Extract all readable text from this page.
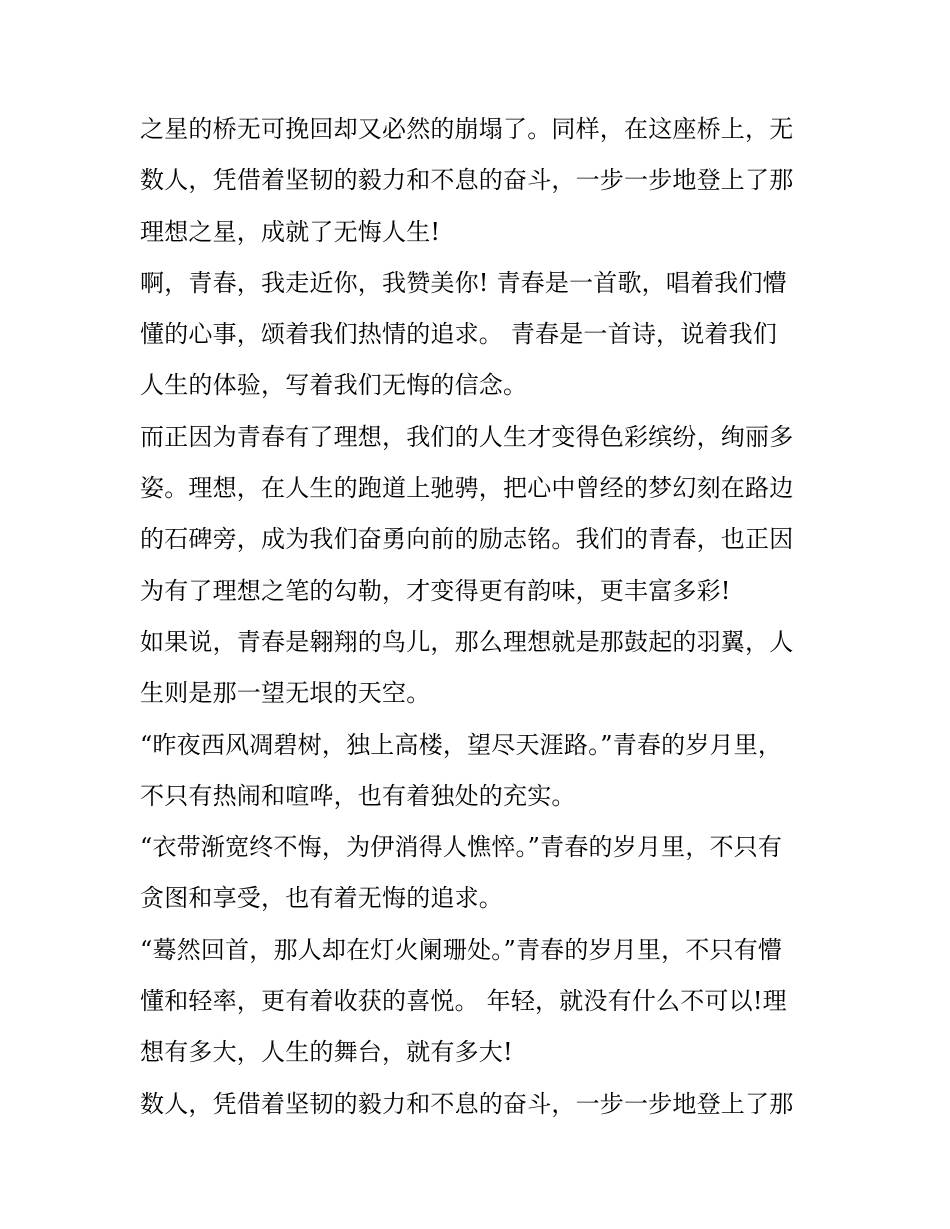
之星的桥无可挽回却又必然的崩塌了。同样，在这座桥上，无
数人，凭借着坚韧的毅力和不息的奋斗，一步一步地登上了那
理想之星，成就了无悔人生!
啊，青春，我走近你，我赞美你! 青春是一首歌，唱着我们懵
懂的心事，颂着我们热情的追求。 青春是一首诗，说着我们
人生的体验，写着我们无悔的信念。
而正因为青春有了理想，我们的人生才变得色彩缤纷，绚丽多
姿。理想，在人生的跑道上驰骋，把心中曾经的梦幻刻在路边
的石碑旁，成为我们奋勇向前的励志铭。我们的青春，也正因
为有了理想之笔的勾勒，才变得更有韵味，更丰富多彩!
如果说，青春是翱翔的鸟儿，那么理想就是那鼓起的羽翼，人
生则是那一望无垠的天空。
“昨夜西风凋碧树，独上高楼，望尽天涯路。”青春的岁月里，
不只有热闹和喧哗，也有着独处的充实。
“衣带渐宽终不悔，为伊消得人憔悴。”青春的岁月里，不只有
贪图和享受，也有着无悔的追求。
“蓦然回首，那人却在灯火阑珊处。”青春的岁月里，不只有懵
懂和轻率，更有着收获的喜悦。 年轻，就没有什么不可以!理
想有多大，人生的舞台，就有多大!
数人，凭借着坚韧的毅力和不息的奋斗，一步一步地登上了那
